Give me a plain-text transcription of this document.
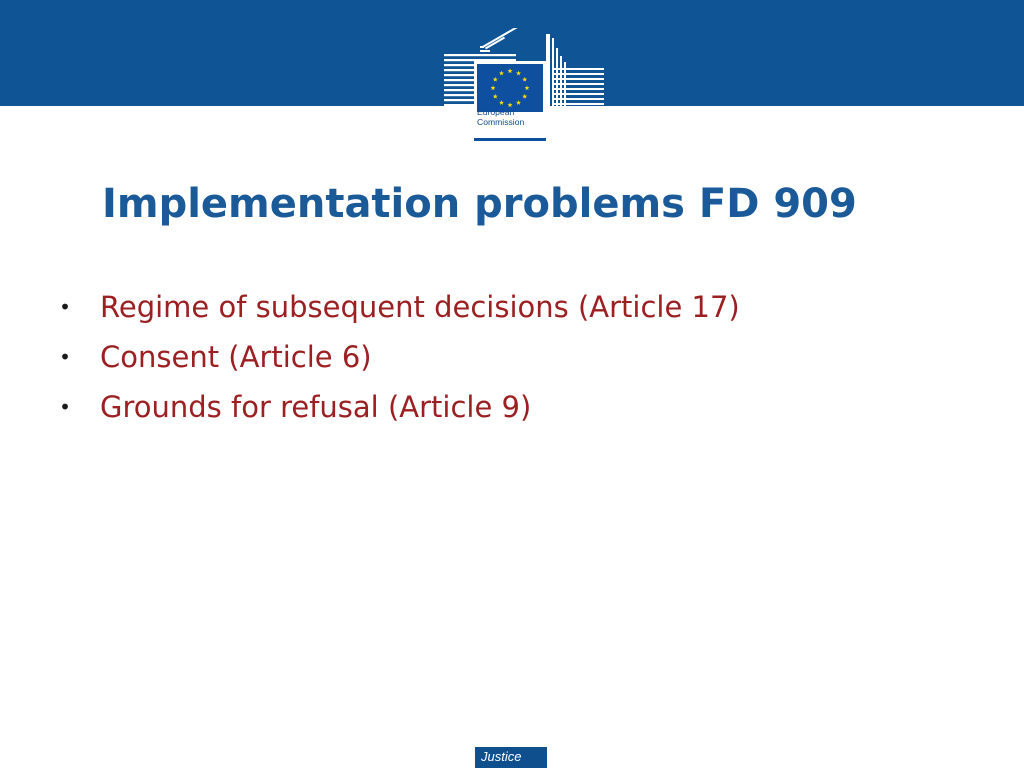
European
Commission
Implementation problems FD 909
• Regime of subsequent decisions (Article 17)
• Consent (Article 6)
• Grounds for refusal (Article 9)
Justice
